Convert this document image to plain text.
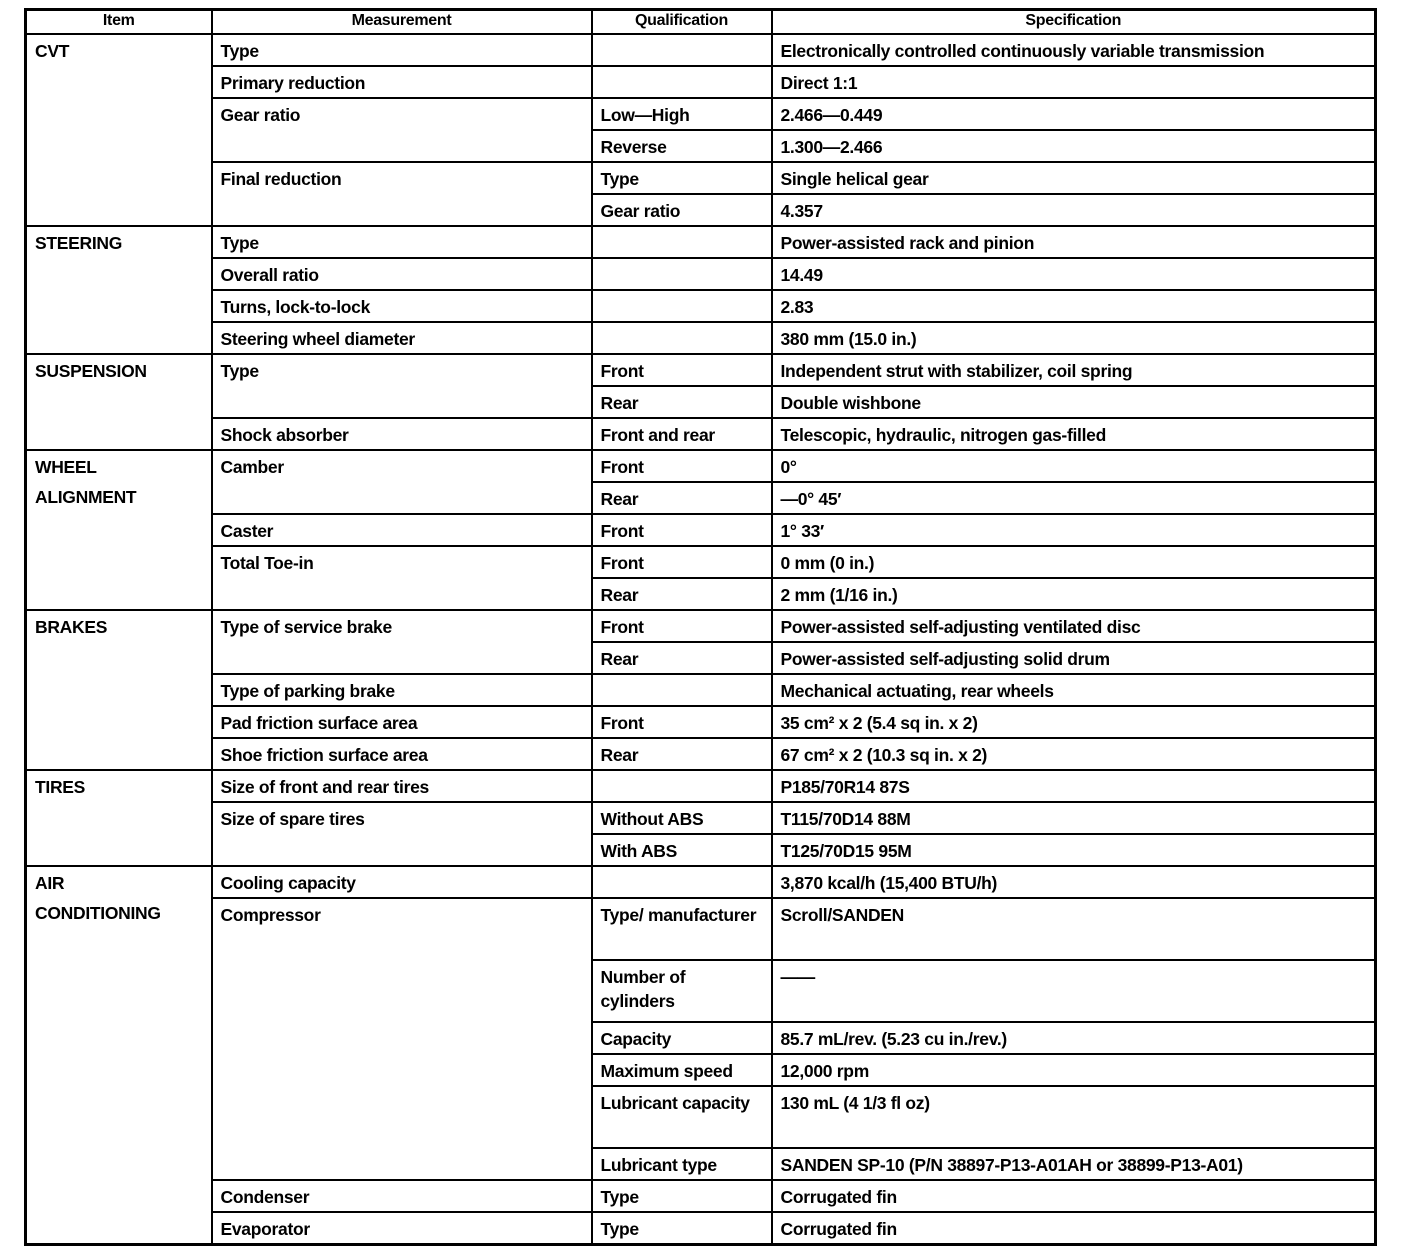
Item	Measurement	Qualification	Specification
CVT	Type		Electronically controlled continuously variable transmission
	Primary reduction		Direct 1:1
	Gear ratio	Low—High	2.466—0.449
		Reverse	1.300—2.466
	Final reduction	Type	Single helical gear
		Gear ratio	4.357
STEERING	Type		Power-assisted rack and pinion
	Overall ratio		14.49
	Turns, lock-to-lock		2.83
	Steering wheel diameter		380 mm (15.0 in.)
SUSPENSION	Type	Front	Independent strut with stabilizer, coil spring
		Rear	Double wishbone
	Shock absorber	Front and rear	Telescopic, hydraulic, nitrogen gas-filled

WHEEL
ALIGNMENT	Camber	Front	0°
		Rear	—0° 45′
	Caster	Front	1° 33′
	Total Toe-in	Front	0 mm (0 in.)
		Rear	2 mm (1/16 in.)
BRAKES	Type of service brake	Front	Power-assisted self-adjusting ventilated disc
		Rear	Power-assisted self-adjusting solid drum
	Type of parking brake		Mechanical actuating, rear wheels
	Pad friction surface area	Front	35 cm² x 2 (5.4 sq in. x 2)
	Shoe friction surface area	Rear	67 cm² x 2 (10.3 sq in. x 2)
TIRES	Size of front and rear tires		P185/70R14 87S
	Size of spare tires	Without ABS	T115/70D14 88M
		With ABS	T125/70D15 95M

AIR
CONDITIONING	Cooling capacity		3,870 kcal/h (15,400 BTU/h)
	Compressor	Type/ manufacturer	Scroll/SANDEN
		Number of cylinders	——
		Capacity	85.7 mL/rev. (5.23 cu in./rev.)
		Maximum speed	12,000 rpm
		Lubricant capacity	130 mL (4 1/3 fl oz)
		Lubricant type	SANDEN SP-10 (P/N 38897-P13-A01AH or 38899-P13-A01)
	Condenser	Type	Corrugated fin
	Evaporator	Type	Corrugated fin
